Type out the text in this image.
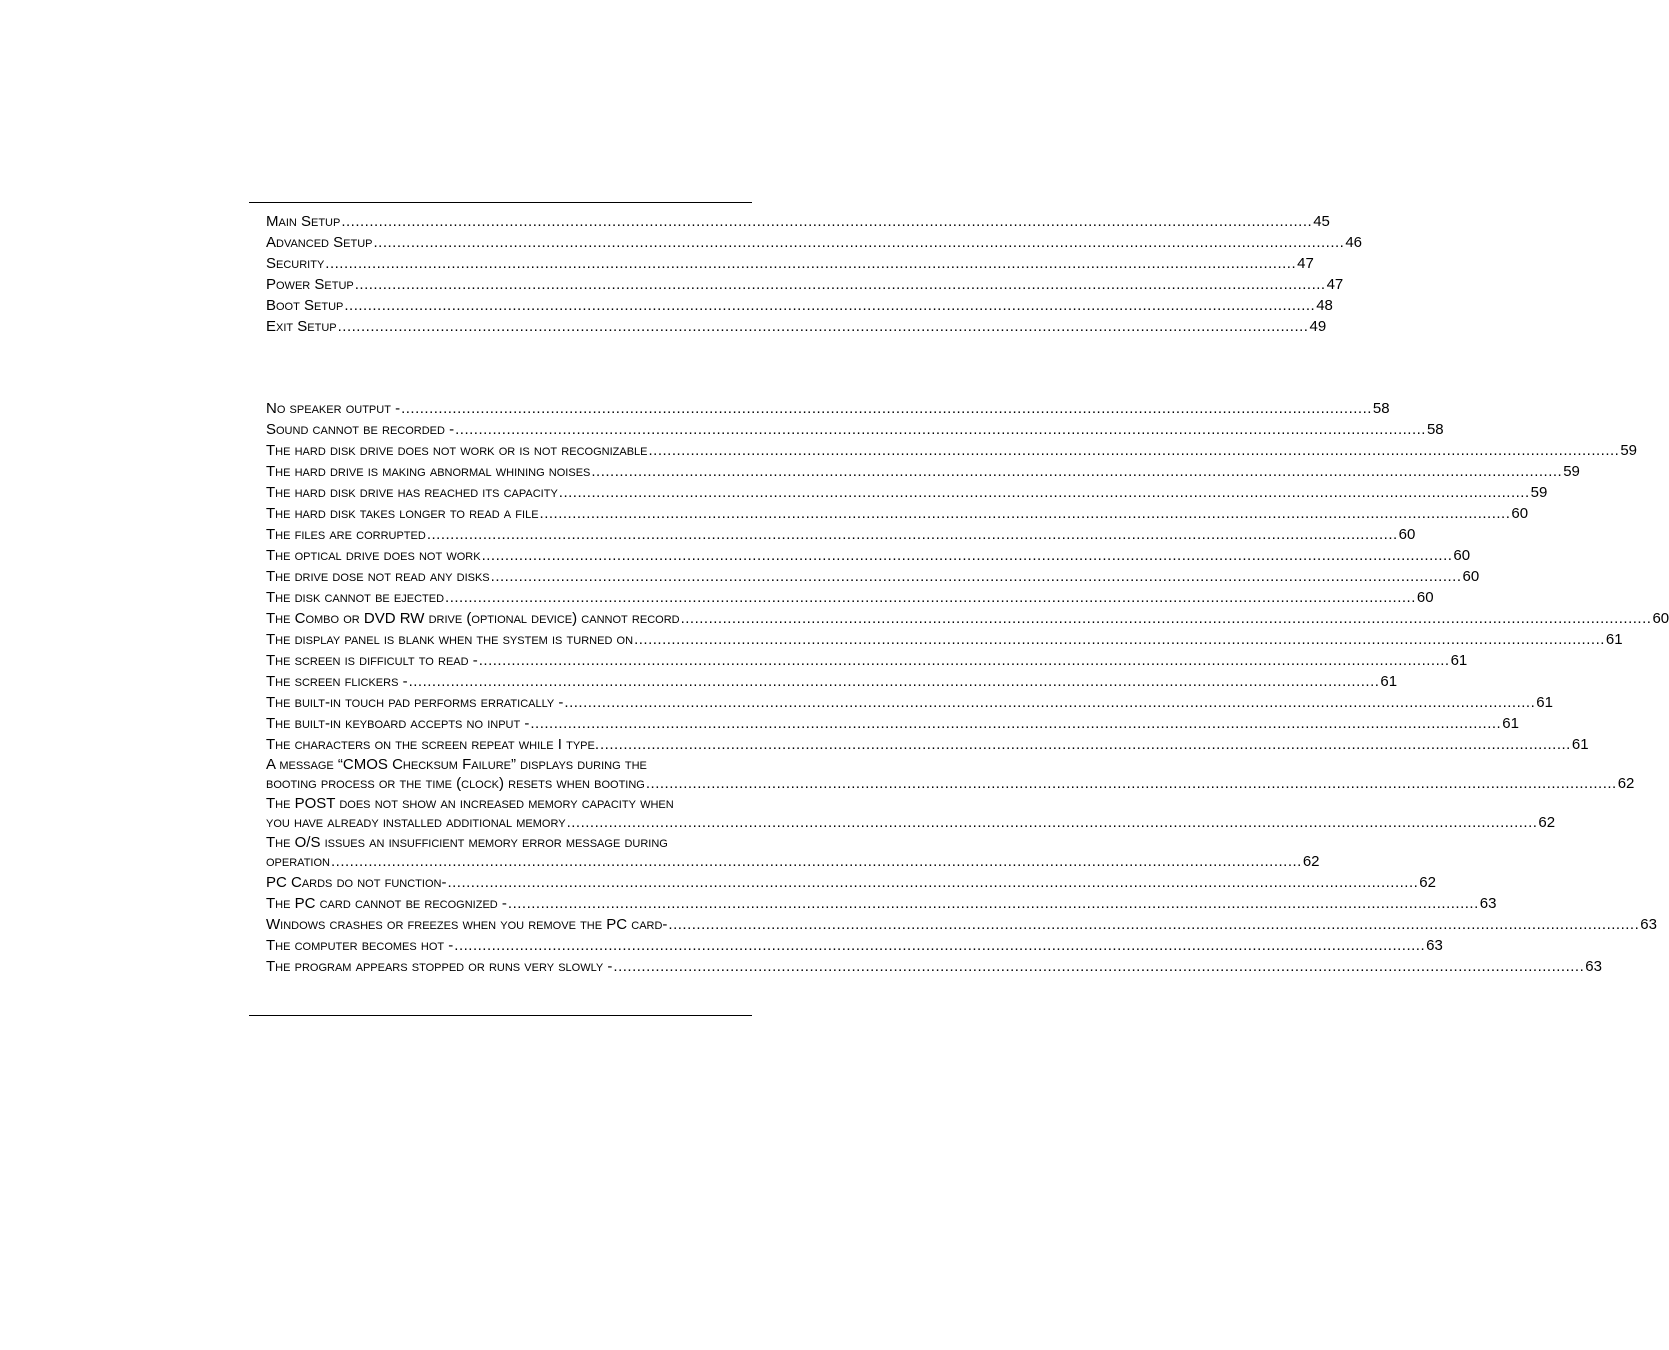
Main Setup .....	45
Advanced Setup .....	46
Security .....	47
Power Setup .....	47
Boot Setup .....	48
Exit Setup .....	49
No speaker output - .....	58
Sound cannot be recorded - .....	58
The hard disk drive does not work or is not recognizable .....	59
The hard drive is making abnormal whining noises .....	59
The hard disk drive has reached its capacity .....	59
The hard disk takes longer to read a file .....	60
The files are corrupted .....	60
The optical drive does not work .....	60
The drive dose not read any disks .....	60
The disk cannot be ejected .....	60
The Combo or DVD RW drive (optional device) cannot record .....	60
The display panel is blank when the system is turned on .....	61
The screen is difficult to read - .....	61
The screen flickers - .....	61
The built-in touch pad performs erratically - .....	61
The built-in keyboard accepts no input - .....	61
The characters on the screen repeat while I type. .....	61
A message “CMOS Checksum Failure” displays during the
booting process or the time (clock) resets when booting .....	62
The POST does not show an increased memory capacity when
you have already installed additional memory .....	62
The O/S issues an insufficient memory error message during
operation .....	62
PC Cards do not function- .....	62
The PC card cannot be recognized - .....	63
Windows crashes or freezes when you remove the PC card- .....	63
The computer becomes hot - .....	63
The program appears stopped or runs very slowly - .....	63
